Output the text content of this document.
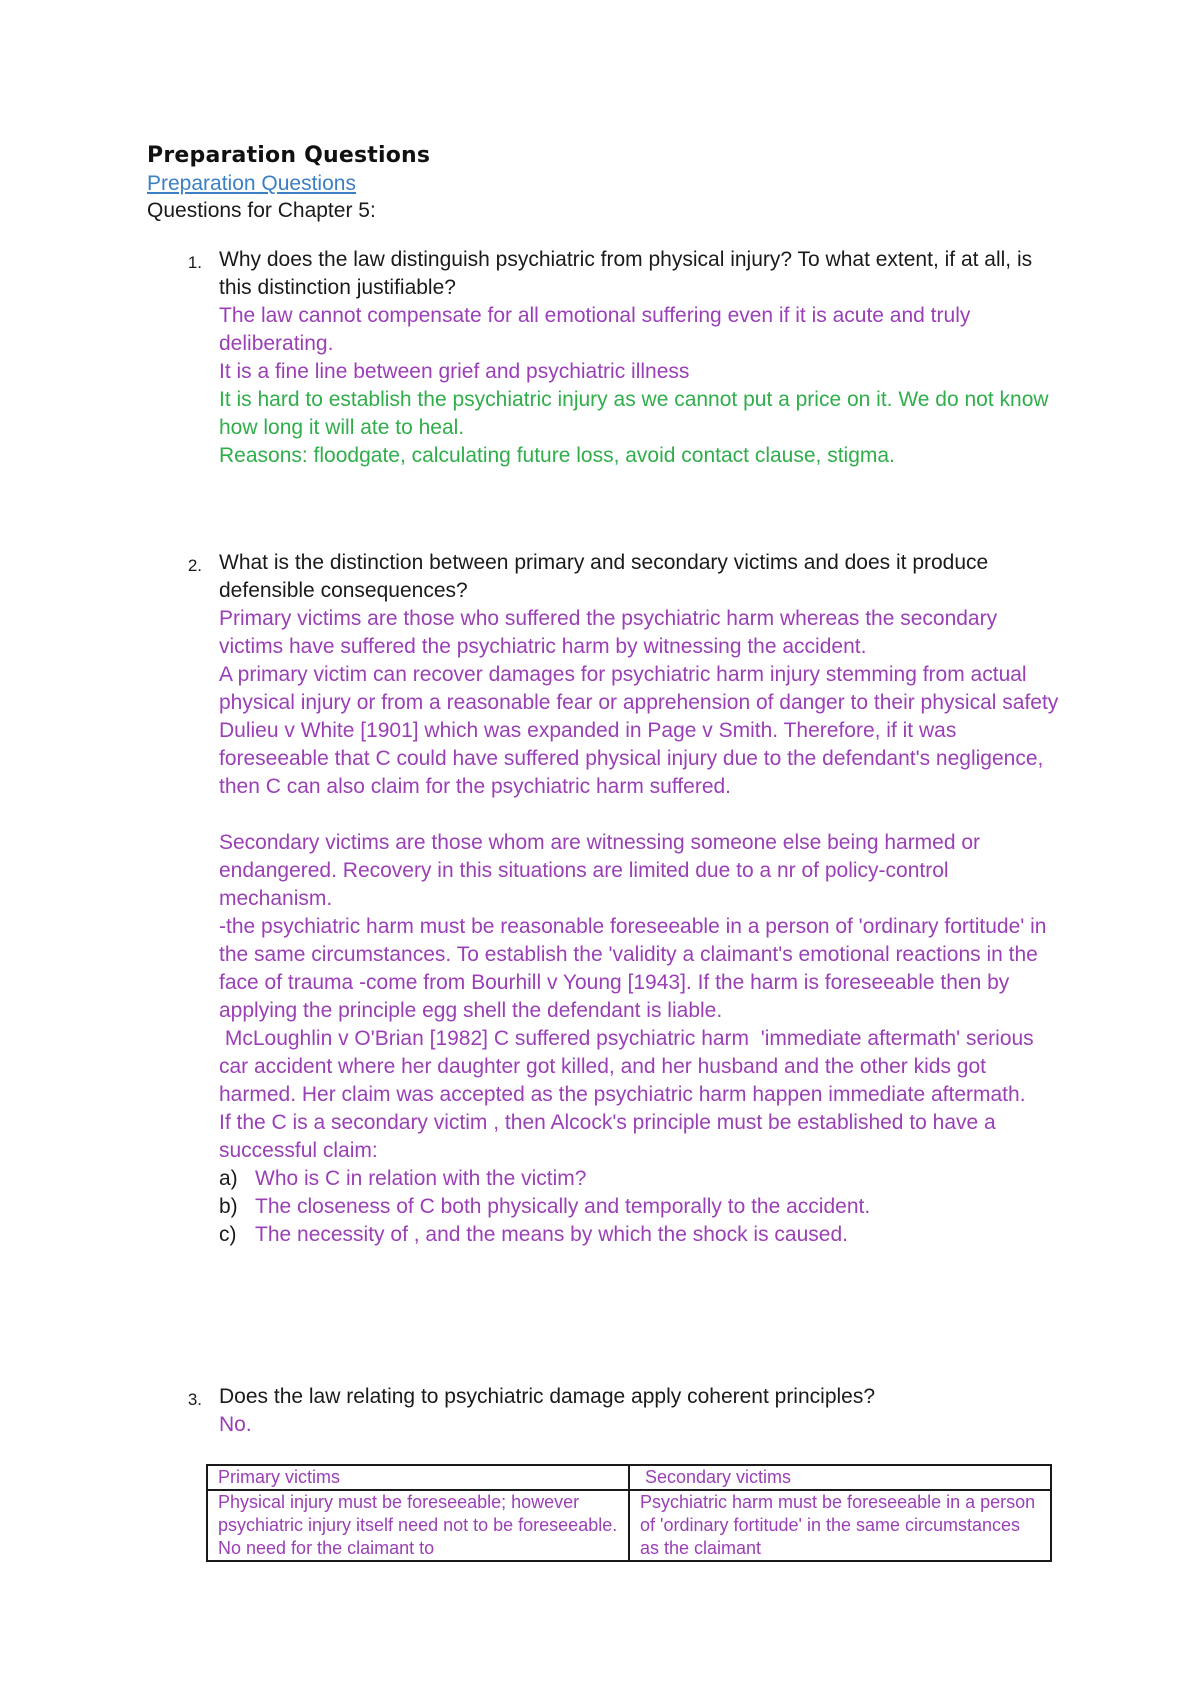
Preparation Questions
Preparation Questions
Questions for Chapter 5:
1. Why does the law distinguish psychiatric from physical injury? To what extent, if at all, is this distinction justifiable?

The law cannot compensate for all emotional suffering even if it is acute and truly deliberating.

It is a fine line between grief and psychiatric illness

It is hard to establish the psychiatric injury as we cannot put a price on it. We do not know how long it will ate to heal.

Reasons: floodgate, calculating future loss, avoid contact clause, stigma.

2. What is the distinction between primary and secondary victims and does it produce defensible consequences?

Primary victims are those who suffered the psychiatric harm whereas the secondary victims have suffered the psychiatric harm by witnessing the accident.

A primary victim can recover damages for psychiatric harm injury stemming from actual physical injury or from a reasonable fear or apprehension of danger to their physical safety Dulieu v White [1901] which was expanded in Page v Smith. Therefore, if it was foreseeable that C could have suffered physical injury due to the defendant's negligence, then C can also claim for the psychiatric harm suffered.

Secondary victims are those whom are witnessing someone else being harmed or endangered. Recovery in this situations are limited due to a nr of policy-control mechanism.

-the psychiatric harm must be reasonable foreseeable in a person of 'ordinary fortitude' in the same circumstances. To establish the 'validity a claimant's emotional reactions in the face of trauma -come from Bourhill v Young [1943]. If the harm is foreseeable then by applying the principle egg shell the defendant is liable.

McLoughlin v O'Brian [1982] C suffered psychiatric harm  'immediate aftermath' serious car accident where her daughter got killed, and her husband and the other kids got harmed. Her claim was accepted as the psychiatric harm happen immediate aftermath.

If the C is a secondary victim , then Alcock's principle must be established to have a successful claim:

a) Who is C in relation with the victim?
b) The closeness of C both physically and temporally to the accident.
c) The necessity of , and the means by which the shock is caused.
3. Does the law relating to psychiatric damage apply coherent principles?

No.

Primary victims	Secondary victims
Physical injury must be foreseeable; however psychiatric injury itself need not to be foreseeable. No need for the claimant to	Psychiatric harm must be foreseeable in a person of 'ordinary fortitude' in the same circumstances as the claimant
